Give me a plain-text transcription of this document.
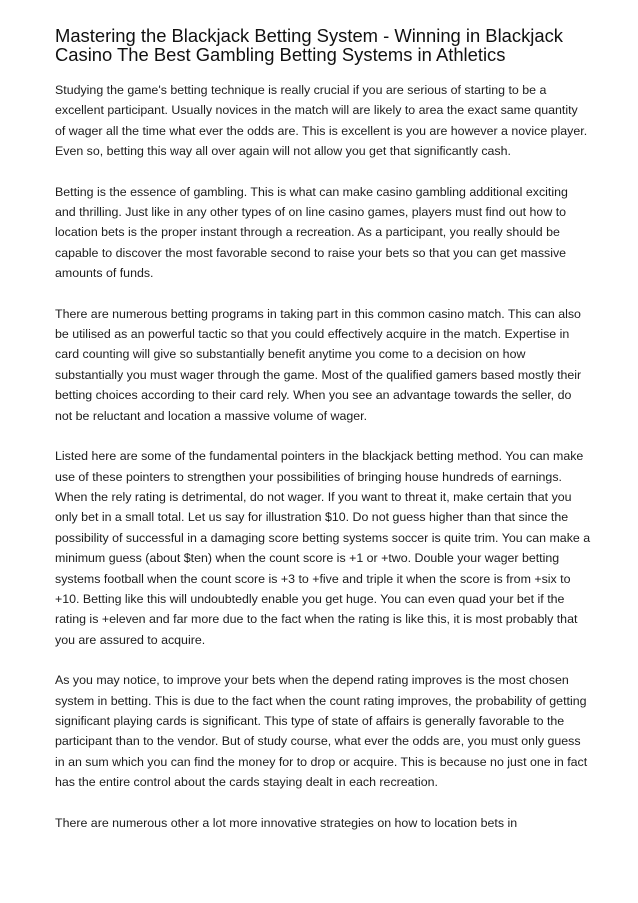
Mastering the Blackjack Betting System - Winning in Blackjack Casino The Best Gambling Betting Systems in Athletics

Studying the game's betting technique is really crucial if you are serious of starting to be a excellent participant. Usually novices in the match will are likely to area the exact same quantity of wager all the time what ever the odds are. This is excellent is you are however a novice player. Even so, betting this way all over again will not allow you get that significantly cash.

Betting is the essence of gambling. This is what can make casino gambling additional exciting and thrilling. Just like in any other types of on line casino games, players must find out how to location bets is the proper instant through a recreation. As a participant, you really should be capable to discover the most favorable second to raise your bets so that you can get massive amounts of funds.

There are numerous betting programs in taking part in this common casino match. This can also be utilised as an powerful tactic so that you could effectively acquire in the match. Expertise in card counting will give so substantially benefit anytime you come to a decision on how substantially you must wager through the game. Most of the qualified gamers based mostly their betting choices according to their card rely. When you see an advantage towards the seller, do not be reluctant and location a massive volume of wager.

Listed here are some of the fundamental pointers in the blackjack betting method. You can make use of these pointers to strengthen your possibilities of bringing house hundreds of earnings. When the rely rating is detrimental, do not wager. If you want to threat it, make certain that you only bet in a small total. Let us say for illustration $10. Do not guess higher than that since the possibility of successful in a damaging score betting systems soccer is quite trim. You can make a minimum guess (about $ten) when the count score is +1 or +two. Double your wager betting systems football when the count score is +3 to +five and triple it when the score is from +six to +10. Betting like this will undoubtedly enable you get huge. You can even quad your bet if the rating is +eleven and far more due to the fact when the rating is like this, it is most probably that you are assured to acquire.

As you may notice, to improve your bets when the depend rating improves is the most chosen system in betting. This is due to the fact when the count rating improves, the probability of getting significant playing cards is significant. This type of state of affairs is generally favorable to the participant than to the vendor. But of study course, what ever the odds are, you must only guess in an sum which you can find the money for to drop or acquire. This is because no just one in fact has the entire control about the cards staying dealt in each recreation.

There are numerous other a lot more innovative strategies on how to location bets in
